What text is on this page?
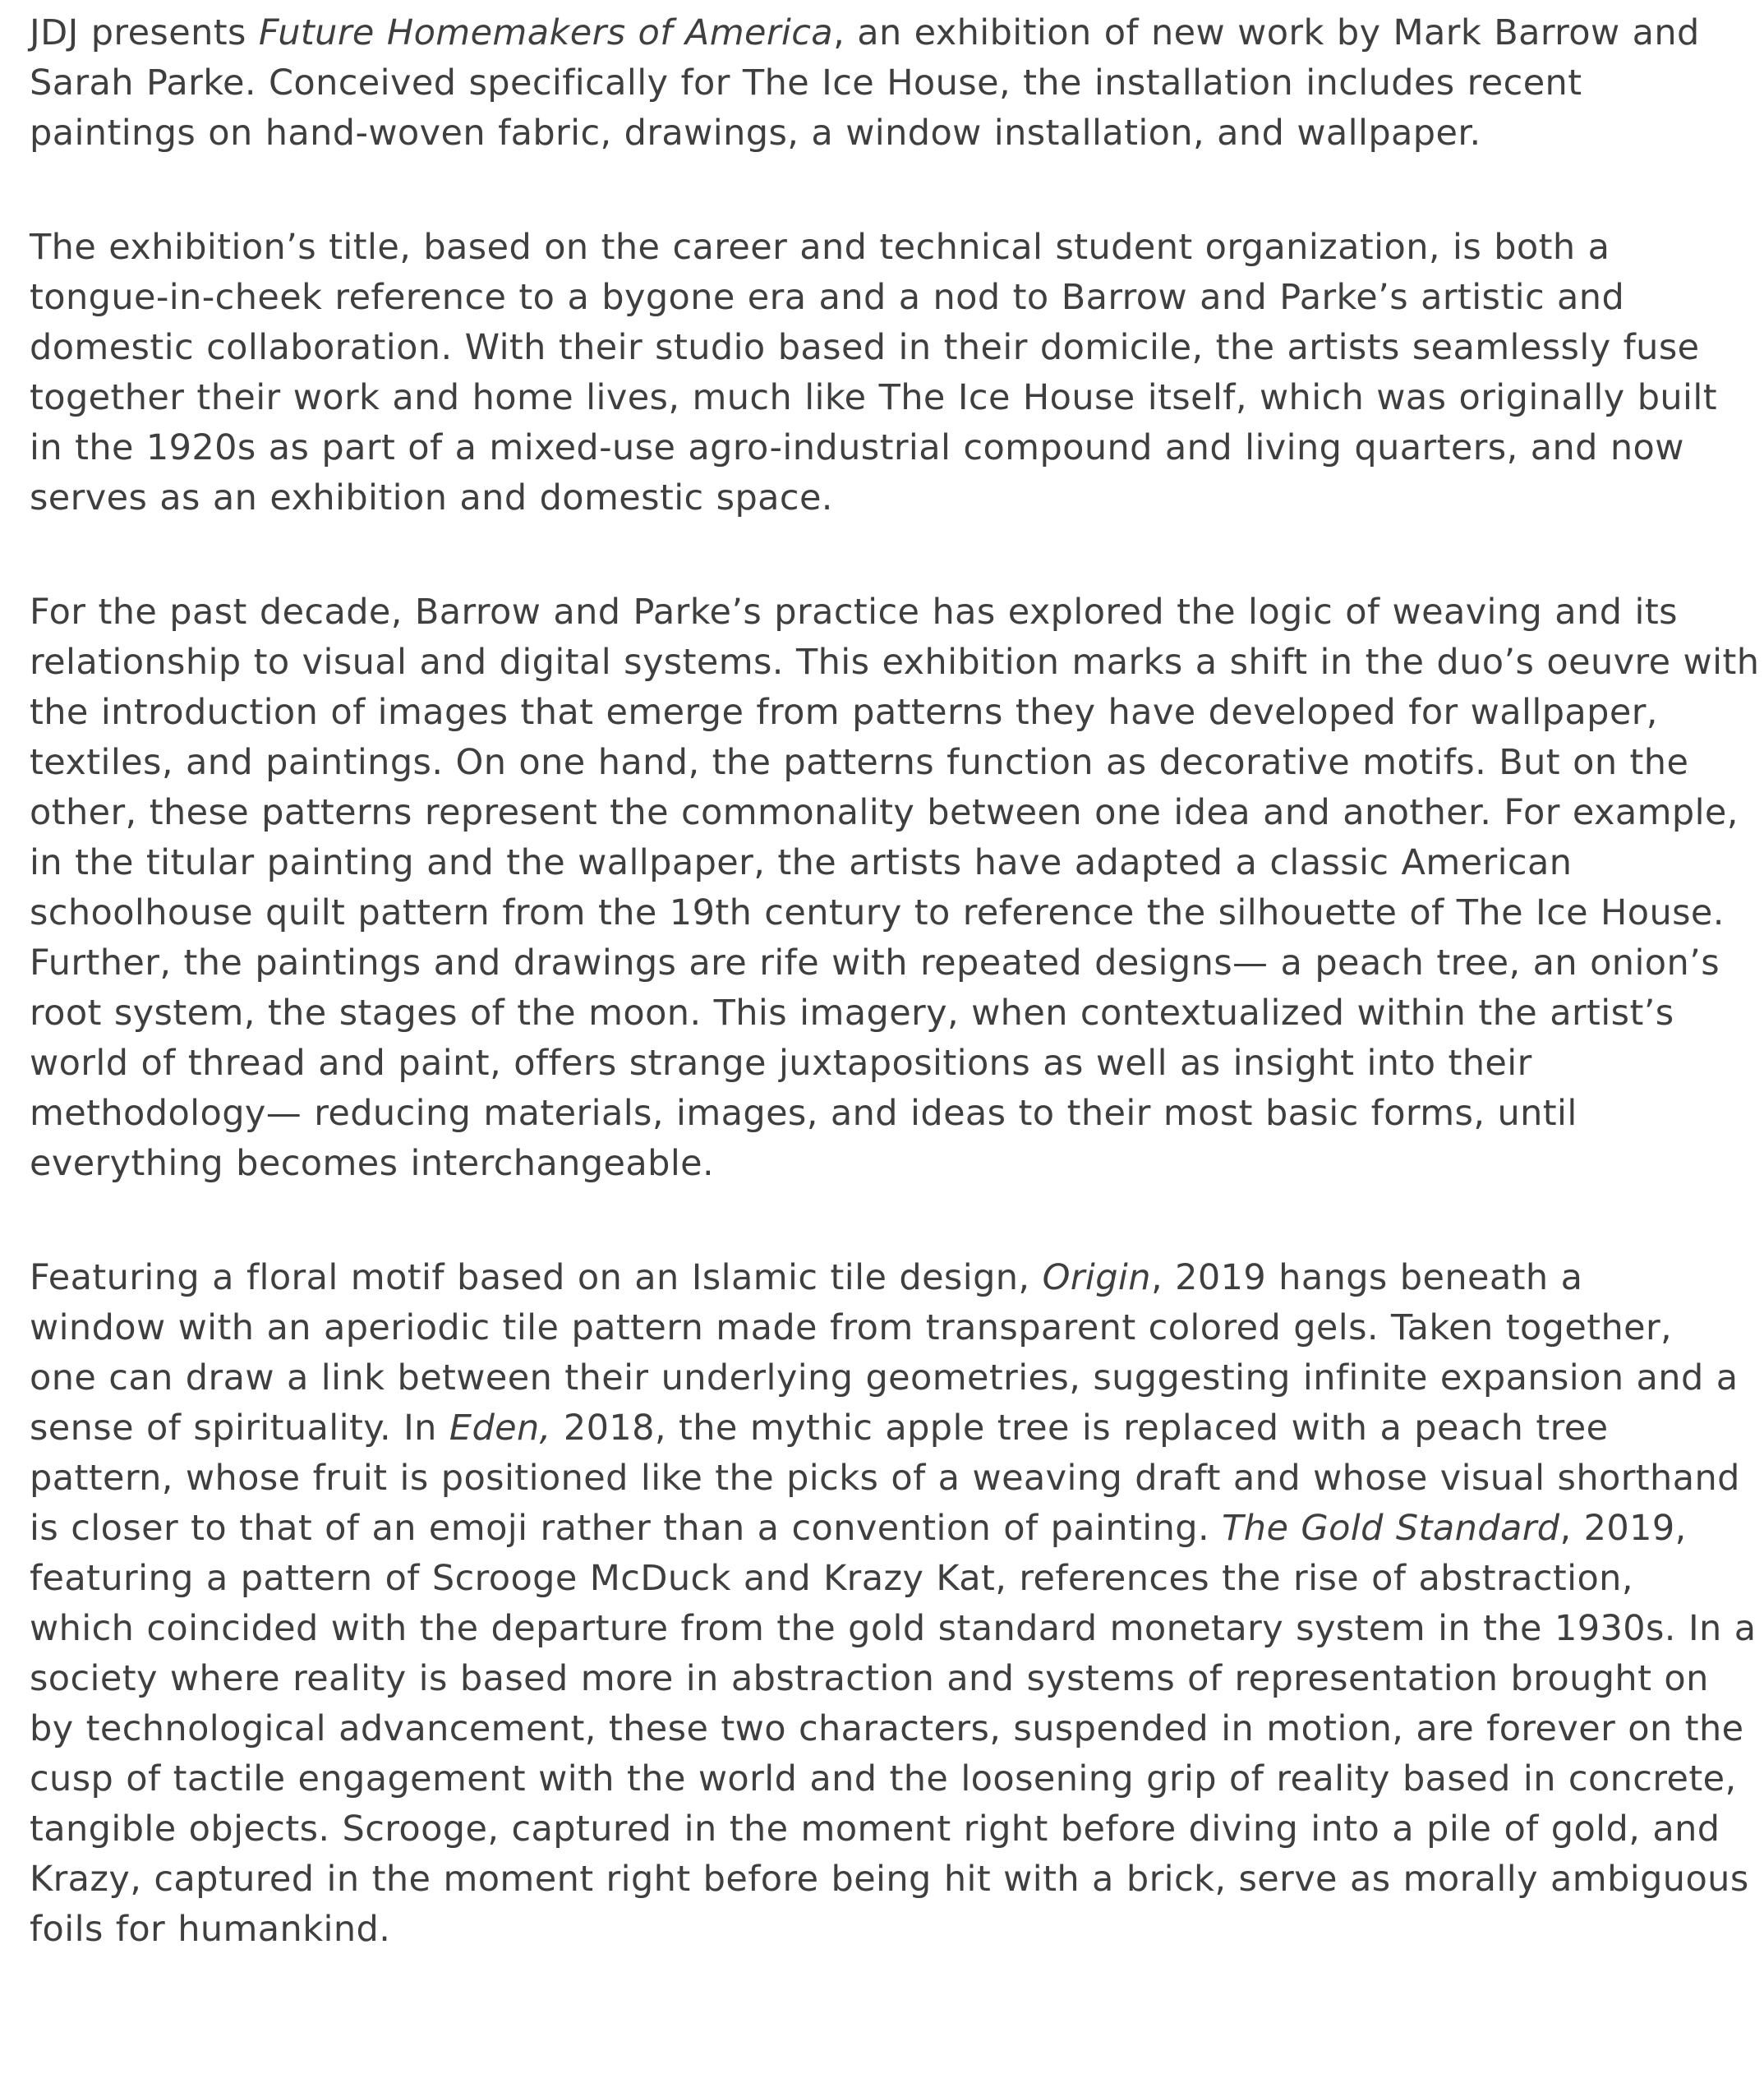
JDJ presents Future Homemakers of America, an exhibition of new work by Mark Barrow and
Sarah Parke. Conceived specifically for The Ice House, the installation includes recent
paintings on hand-woven fabric, drawings, a window installation, and wallpaper.

The exhibition’s title, based on the career and technical student organization, is both a
tongue-in-cheek reference to a bygone era and a nod to Barrow and Parke’s artistic and
domestic collaboration. With their studio based in their domicile, the artists seamlessly fuse
together their work and home lives, much like The Ice House itself, which was originally built
in the 1920s as part of a mixed-use agro-industrial compound and living quarters, and now
serves as an exhibition and domestic space.

For the past decade, Barrow and Parke’s practice has explored the logic of weaving and its
relationship to visual and digital systems. This exhibition marks a shift in the duo’s oeuvre with
the introduction of images that emerge from patterns they have developed for wallpaper,
textiles, and paintings. On one hand, the patterns function as decorative motifs. But on the
other, these patterns represent the commonality between one idea and another. For example,
in the titular painting and the wallpaper, the artists have adapted a classic American
schoolhouse quilt pattern from the 19th century to reference the silhouette of The Ice House.
Further, the paintings and drawings are rife with repeated designs— a peach tree, an onion’s
root system, the stages of the moon. This imagery, when contextualized within the artist’s
world of thread and paint, offers strange juxtapositions as well as insight into their
methodology— reducing materials, images, and ideas to their most basic forms, until
everything becomes interchangeable.

Featuring a floral motif based on an Islamic tile design, Origin, 2019 hangs beneath a
window with an aperiodic tile pattern made from transparent colored gels. Taken together,
one can draw a link between their underlying geometries, suggesting infinite expansion and a
sense of spirituality. In Eden, 2018, the mythic apple tree is replaced with a peach tree
pattern, whose fruit is positioned like the picks of a weaving draft and whose visual shorthand
is closer to that of an emoji rather than a convention of painting. The Gold Standard, 2019,
featuring a pattern of Scrooge McDuck and Krazy Kat, references the rise of abstraction,
which coincided with the departure from the gold standard monetary system in the 1930s. In a
society where reality is based more in abstraction and systems of representation brought on
by technological advancement, these two characters, suspended in motion, are forever on the
cusp of tactile engagement with the world and the loosening grip of reality based in concrete,
tangible objects. Scrooge, captured in the moment right before diving into a pile of gold, and
Krazy, captured in the moment right before being hit with a brick, serve as morally ambiguous
foils for humankind.
